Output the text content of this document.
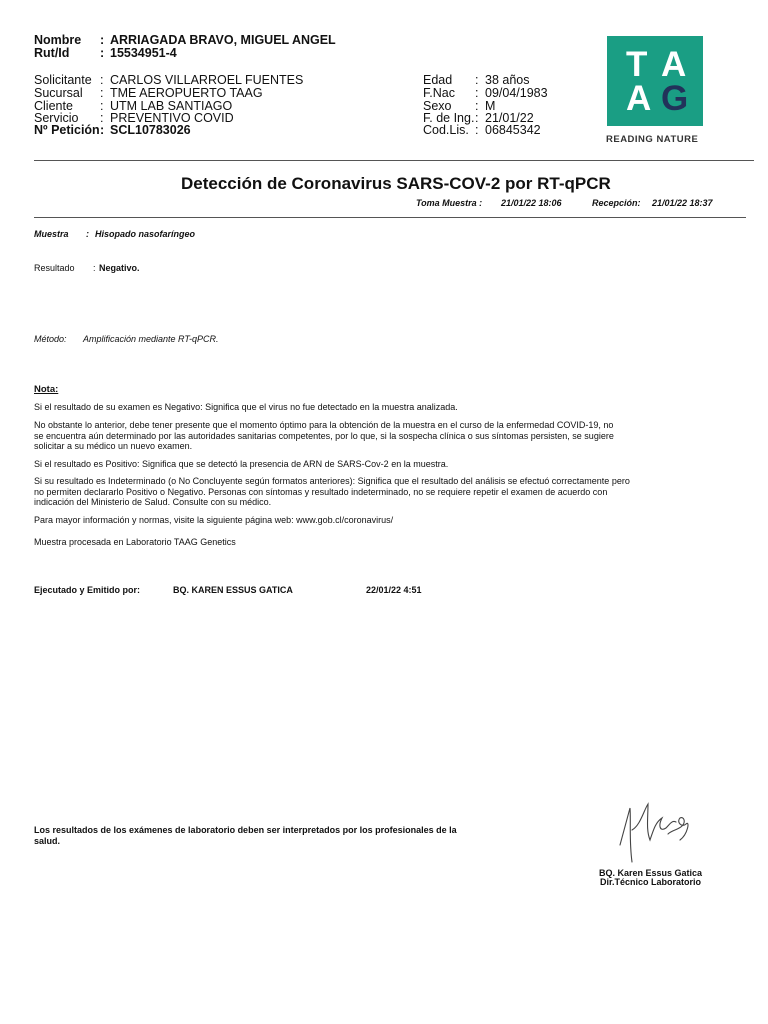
Nombre : ARRIAGADA BRAVO, MIGUEL ANGEL
Rut/Id : 15534951-4
Solicitante : CARLOS VILLARROEL FUENTES
Sucursal : TME AEROPUERTO TAAG
Cliente : UTM LAB SANTIAGO
Servicio : PREVENTIVO COVID
Nº Petición: SCL10783026
Edad : 38 años
F.Nac : 09/04/1983
Sexo : M
F. de Ing.: 21/01/22
Cod.Lis. : 06845342
T A
A G
READING NATURE
Detección de Coronavirus SARS-COV-2 por RT-qPCR
Toma Muestra : 21/01/22 18:06	Recepción: 21/01/22 18:37
Muestra : Hisopado nasofaríngeo
Resultado : Negativo.
Método: Amplificación mediante RT-qPCR.
Nota:
Si el resultado de su examen es Negativo: Significa que el virus no fue detectado en la muestra analizada.
No obstante lo anterior, debe tener presente que el momento óptimo para la obtención de la muestra en el curso de la enfermedad COVID-19, no
se encuentra aún determinado por las autoridades sanitarias competentes, por lo que, si la sospecha clínica o sus síntomas persisten, se sugiere
solicitar a su médico un nuevo examen.
Si el resultado es Positivo: Significa que se detectó la presencia de ARN de SARS-Cov-2 en la muestra.
Si su resultado es Indeterminado (o No Concluyente según formatos anteriores): Significa que el resultado del análisis se efectuó correctamente pero
no permiten declararlo Positivo o Negativo. Personas con síntomas y resultado indeterminado, no se requiere repetir el examen de acuerdo con
indicación del Ministerio de Salud. Consulte con su médico.
Para mayor información y normas, visite la siguiente página web: www.gob.cl/coronavirus/
Muestra procesada en Laboratorio TAAG Genetics
Ejecutado y Emitido por:	BQ. KAREN ESSUS GATICA	22/01/22 4:51
Los resultados de los exámenes de laboratorio deben ser interpretados por los profesionales de la
salud.
BQ. Karen Essus Gatica
Dir.Técnico Laboratorio
